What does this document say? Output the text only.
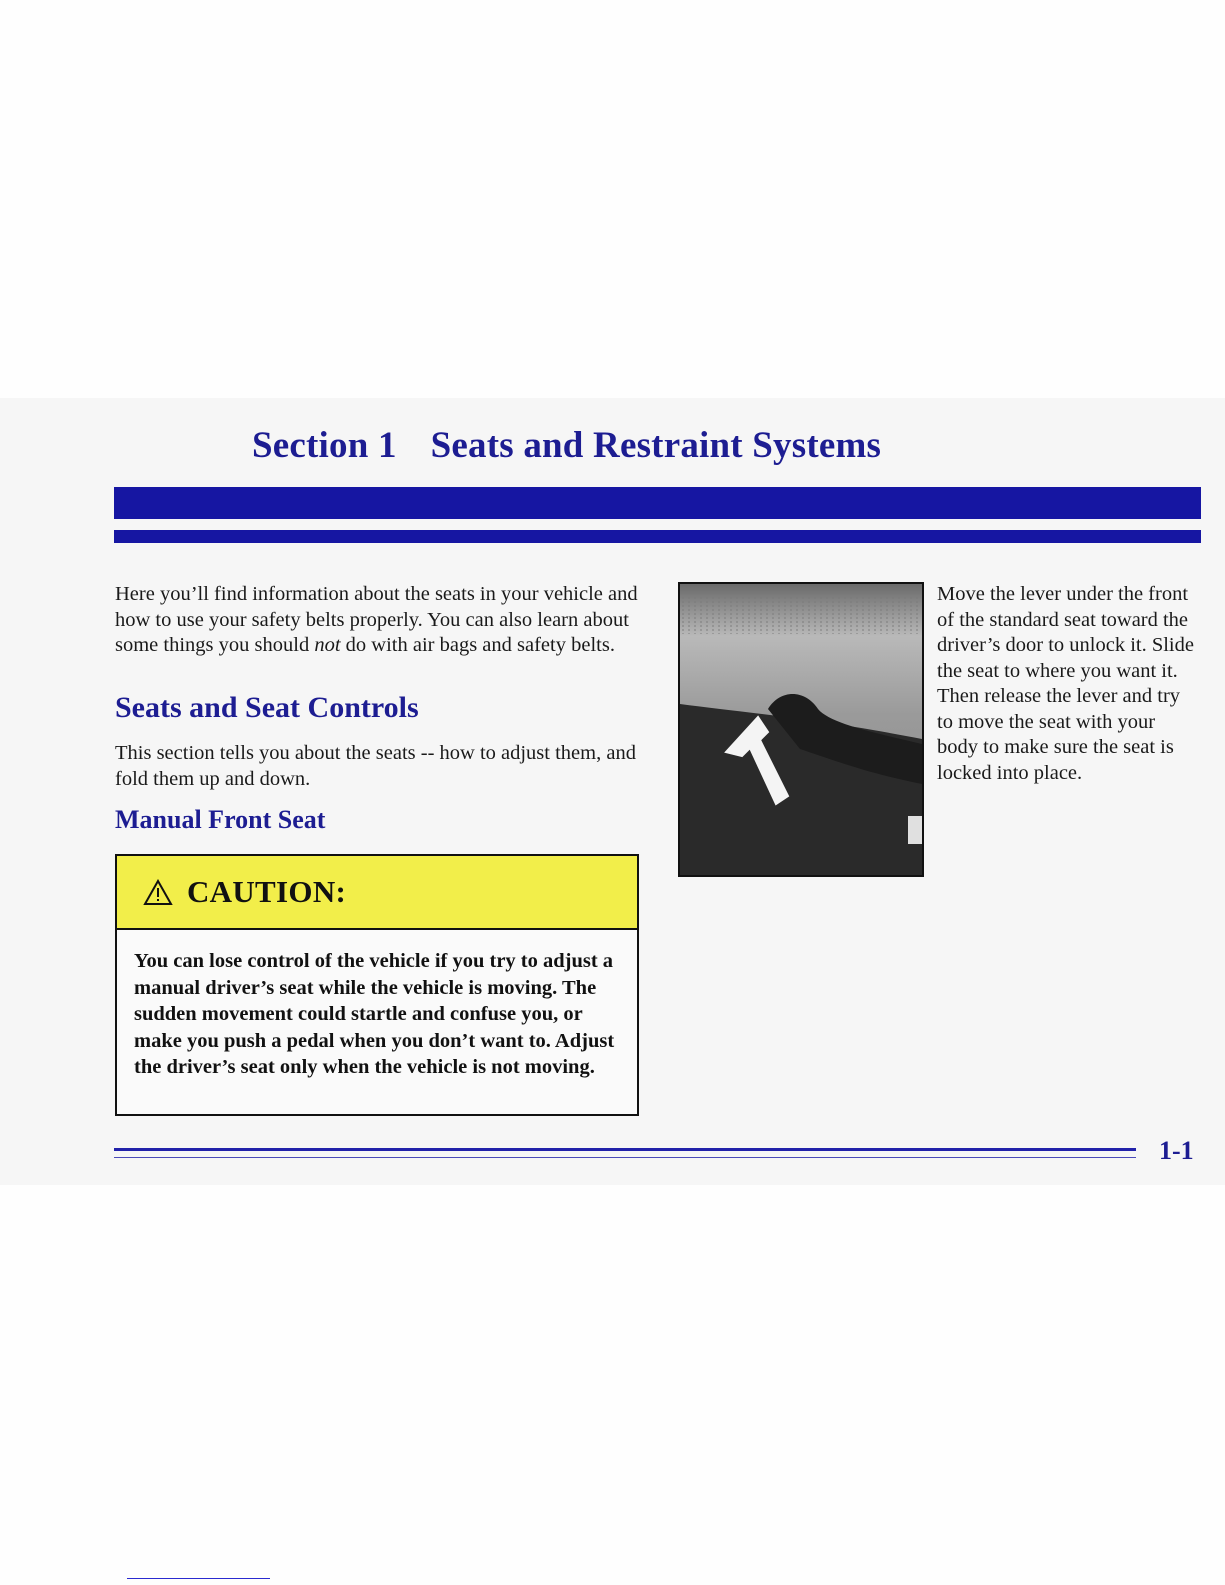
Section 1 Seats and Restraint Systems

Here you’ll find information about the seats in your vehicle and how to use your safety belts properly. You can also learn about some things you should not do with air bags and safety belts.

Seats and Seat Controls

This section tells you about the seats -- how to adjust them, and fold them up and down.

Manual Front Seat
CAUTION:

You can lose control of the vehicle if you try to adjust a manual driver’s seat while the vehicle is moving. The sudden movement could startle and confuse you, or make you push a pedal when you don’t want to. Adjust the driver’s seat only when the vehicle is not moving.

Move the lever under the front of the standard seat toward the driver’s door to unlock it. Slide the seat to where you want it. Then release the lever and try to move the seat with your body to make sure the seat is locked into place.

1-1
